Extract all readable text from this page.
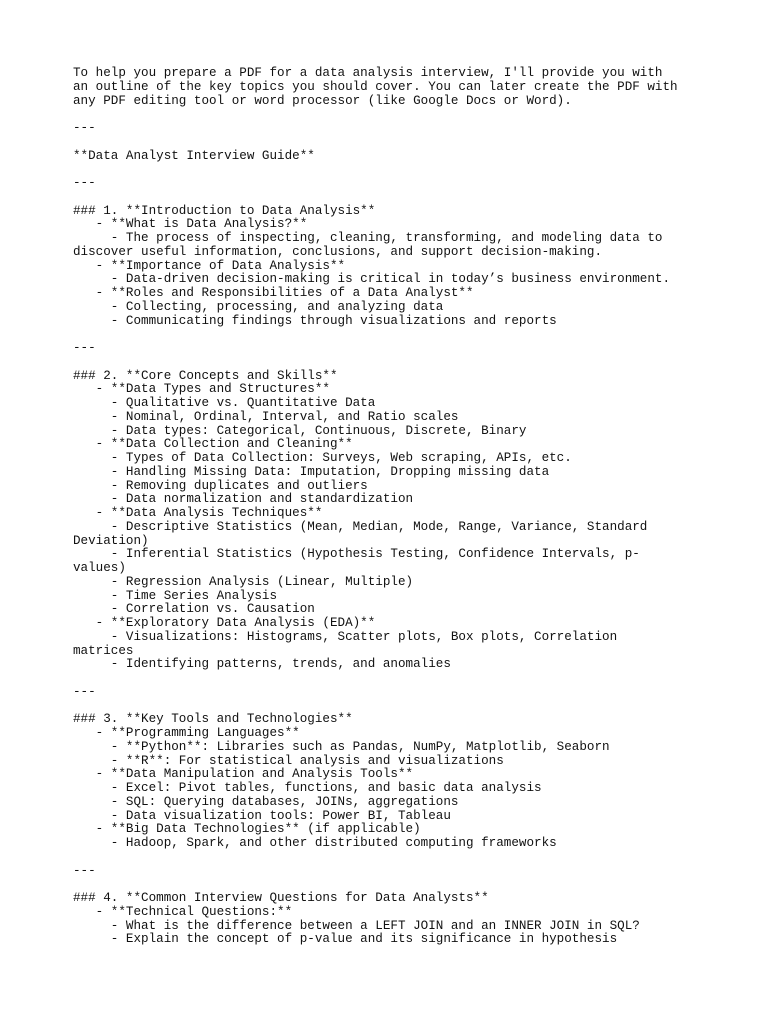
To help you prepare a PDF for a data analysis interview, I'll provide you with
an outline of the key topics you should cover. You can later create the PDF with
any PDF editing tool or word processor (like Google Docs or Word).
---
**Data Analyst Interview Guide**
---
### 1. **Introduction to Data Analysis**
- **What is Data Analysis?**
- The process of inspecting, cleaning, transforming, and modeling data to
discover useful information, conclusions, and support decision-making.
- **Importance of Data Analysis**
- Data-driven decision-making is critical in today’s business environment.
- **Roles and Responsibilities of a Data Analyst**
- Collecting, processing, and analyzing data
- Communicating findings through visualizations and reports
---
### 2. **Core Concepts and Skills**
- **Data Types and Structures**
- Qualitative vs. Quantitative Data
- Nominal, Ordinal, Interval, and Ratio scales
- Data types: Categorical, Continuous, Discrete, Binary
- **Data Collection and Cleaning**
- Types of Data Collection: Surveys, Web scraping, APIs, etc.
- Handling Missing Data: Imputation, Dropping missing data
- Removing duplicates and outliers
- Data normalization and standardization
- **Data Analysis Techniques**
- Descriptive Statistics (Mean, Median, Mode, Range, Variance, Standard
Deviation)
- Inferential Statistics (Hypothesis Testing, Confidence Intervals, p-
values)
- Regression Analysis (Linear, Multiple)
- Time Series Analysis
- Correlation vs. Causation
- **Exploratory Data Analysis (EDA)**
- Visualizations: Histograms, Scatter plots, Box plots, Correlation
matrices
- Identifying patterns, trends, and anomalies
---
### 3. **Key Tools and Technologies**
- **Programming Languages**
- **Python**: Libraries such as Pandas, NumPy, Matplotlib, Seaborn
- **R**: For statistical analysis and visualizations
- **Data Manipulation and Analysis Tools**
- Excel: Pivot tables, functions, and basic data analysis
- SQL: Querying databases, JOINs, aggregations
- Data visualization tools: Power BI, Tableau
- **Big Data Technologies** (if applicable)
- Hadoop, Spark, and other distributed computing frameworks
---
### 4. **Common Interview Questions for Data Analysts**
- **Technical Questions:**
- What is the difference between a LEFT JOIN and an INNER JOIN in SQL?
- Explain the concept of p-value and its significance in hypothesis
